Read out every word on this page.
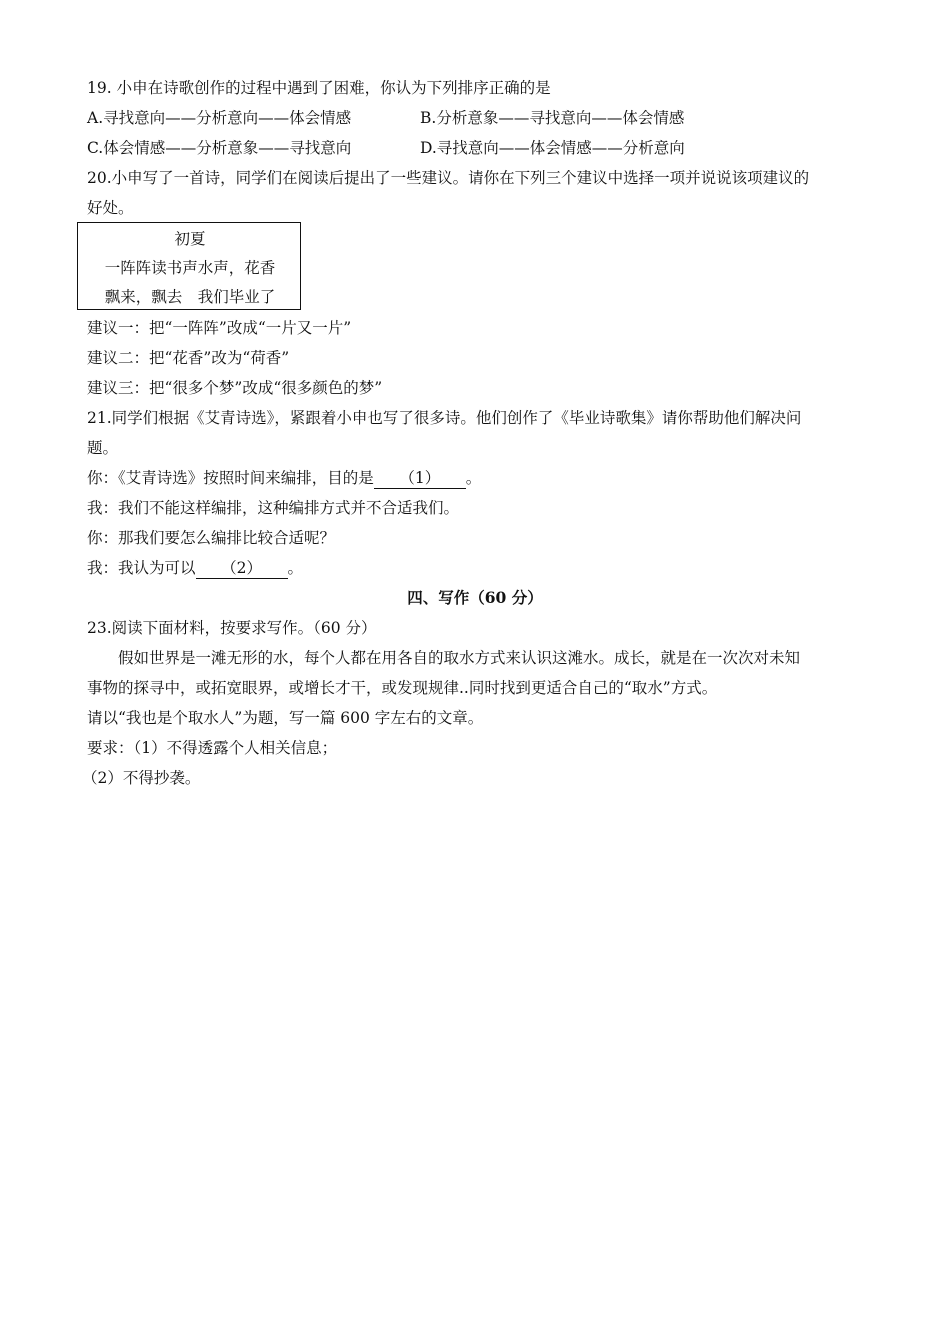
19. 小申在诗歌创作的过程中遇到了困难，你认为下列排序正确的是
A.寻找意向——分析意向——体会情感	B.分析意象——寻找意向——体会情感
C.体会情感——分析意象——寻找意向	D.寻找意向——体会情感——分析意向
20.小申写了一首诗，同学们在阅读后提出了一些建议。请你在下列三个建议中选择一项并说说该项建议的
好处。
初夏
一阵阵读书声水声，花香
飘来，飘去　我们毕业了
建议一：把“一阵阵”改成“一片又一片”
建议二：把“花香”改为“荷香”
建议三：把“很多个梦”改成“很多颜色的梦”
21.同学们根据《艾青诗选》，紧跟着小申也写了很多诗。他们创作了《毕业诗歌集》请你帮助他们解决问
题。
你：《艾青诗选》按照时间来编排，目的是 （1） 。
我：我们不能这样编排，这种编排方式并不合适我们。
你：那我们要怎么编排比较合适呢？
我：我认为可以 （2） 。
四、写作（60 分）
23.阅读下面材料，按要求写作。（60 分）
假如世界是一滩无形的水，每个人都在用各自的取水方式来认识这滩水。成长，就是在一次次对未知
事物的探寻中，或拓宽眼界，或增长才干，或发现规律..同时找到更适合自己的“取水”方式。
请以“我也是个取水人”为题，写一篇 600 字左右的文章。
要求：（1）不得透露个人相关信息；
（2）不得抄袭。
